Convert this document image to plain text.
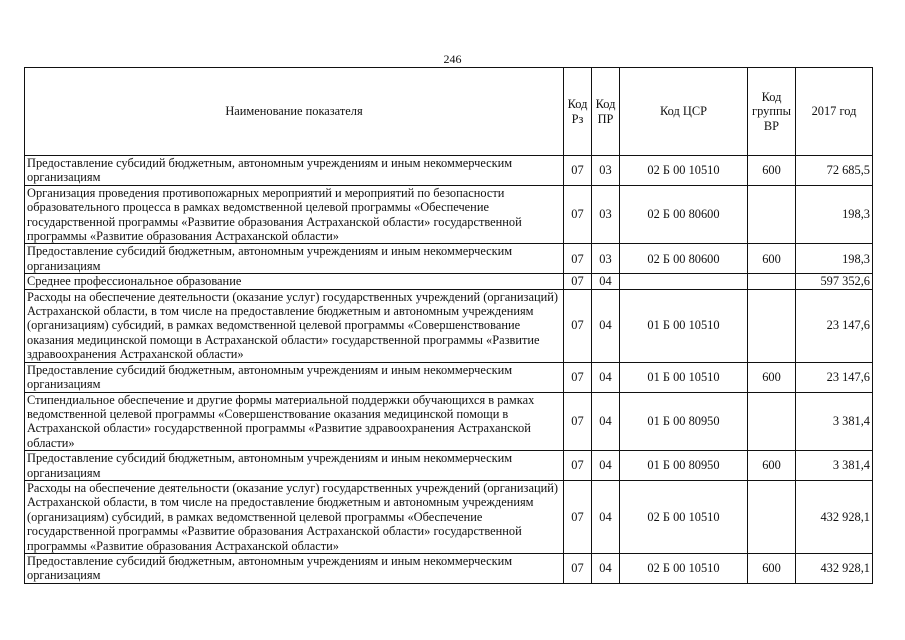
246
Наименование показателя	Код Рз	Код ПР	Код ЦСР	Код группы ВР	2017 год
Предоставление субсидий бюджетным, автономным учреждениям и иным некоммерческим организациям	07	03	02 Б 00 10510	600	72 685,5
Организация проведения противопожарных мероприятий и мероприятий по безопасности образовательного процесса в рамках ведомственной целевой программы «Обеспечение государственной программы «Развитие образования Астраханской области» государственной программы «Развитие образования Астраханской области»	07	03	02 Б 00 80600		198,3
Предоставление субсидий бюджетным, автономным учреждениям и иным некоммерческим организациям	07	03	02 Б 00 80600	600	198,3
Среднее профессиональное образование	07	04			597 352,6
Расходы на обеспечение деятельности (оказание услуг) государственных учреждений (организаций) Астраханской области, в том числе на предоставление бюджетным и автономным учреждениям (организациям) субсидий, в рамках ведомственной целевой программы «Совершенствование оказания медицинской помощи в Астраханской области» государственной программы «Развитие здравоохранения Астраханской области»	07	04	01 Б 00 10510		23 147,6
Предоставление субсидий бюджетным, автономным учреждениям и иным некоммерческим организациям	07	04	01 Б 00 10510	600	23 147,6
Стипендиальное обеспечение и другие формы материальной поддержки обучающихся в рамках ведомственной целевой программы «Совершенствование оказания медицинской помощи в Астраханской области» государственной программы «Развитие здравоохранения Астраханской области»	07	04	01 Б 00 80950		3 381,4
Предоставление субсидий бюджетным, автономным учреждениям и иным некоммерческим организациям	07	04	01 Б 00 80950	600	3 381,4
Расходы на обеспечение деятельности (оказание услуг) государственных учреждений (организаций) Астраханской области, в том числе на предоставление бюджетным и автономным учреждениям (организациям) субсидий, в рамках ведомственной целевой программы «Обеспечение государственной программы «Развитие образования Астраханской области» государственной программы «Развитие образования Астраханской области»	07	04	02 Б 00 10510		432 928,1
Предоставление субсидий бюджетным, автономным учреждениям и иным некоммерческим организациям	07	04	02 Б 00 10510	600	432 928,1
